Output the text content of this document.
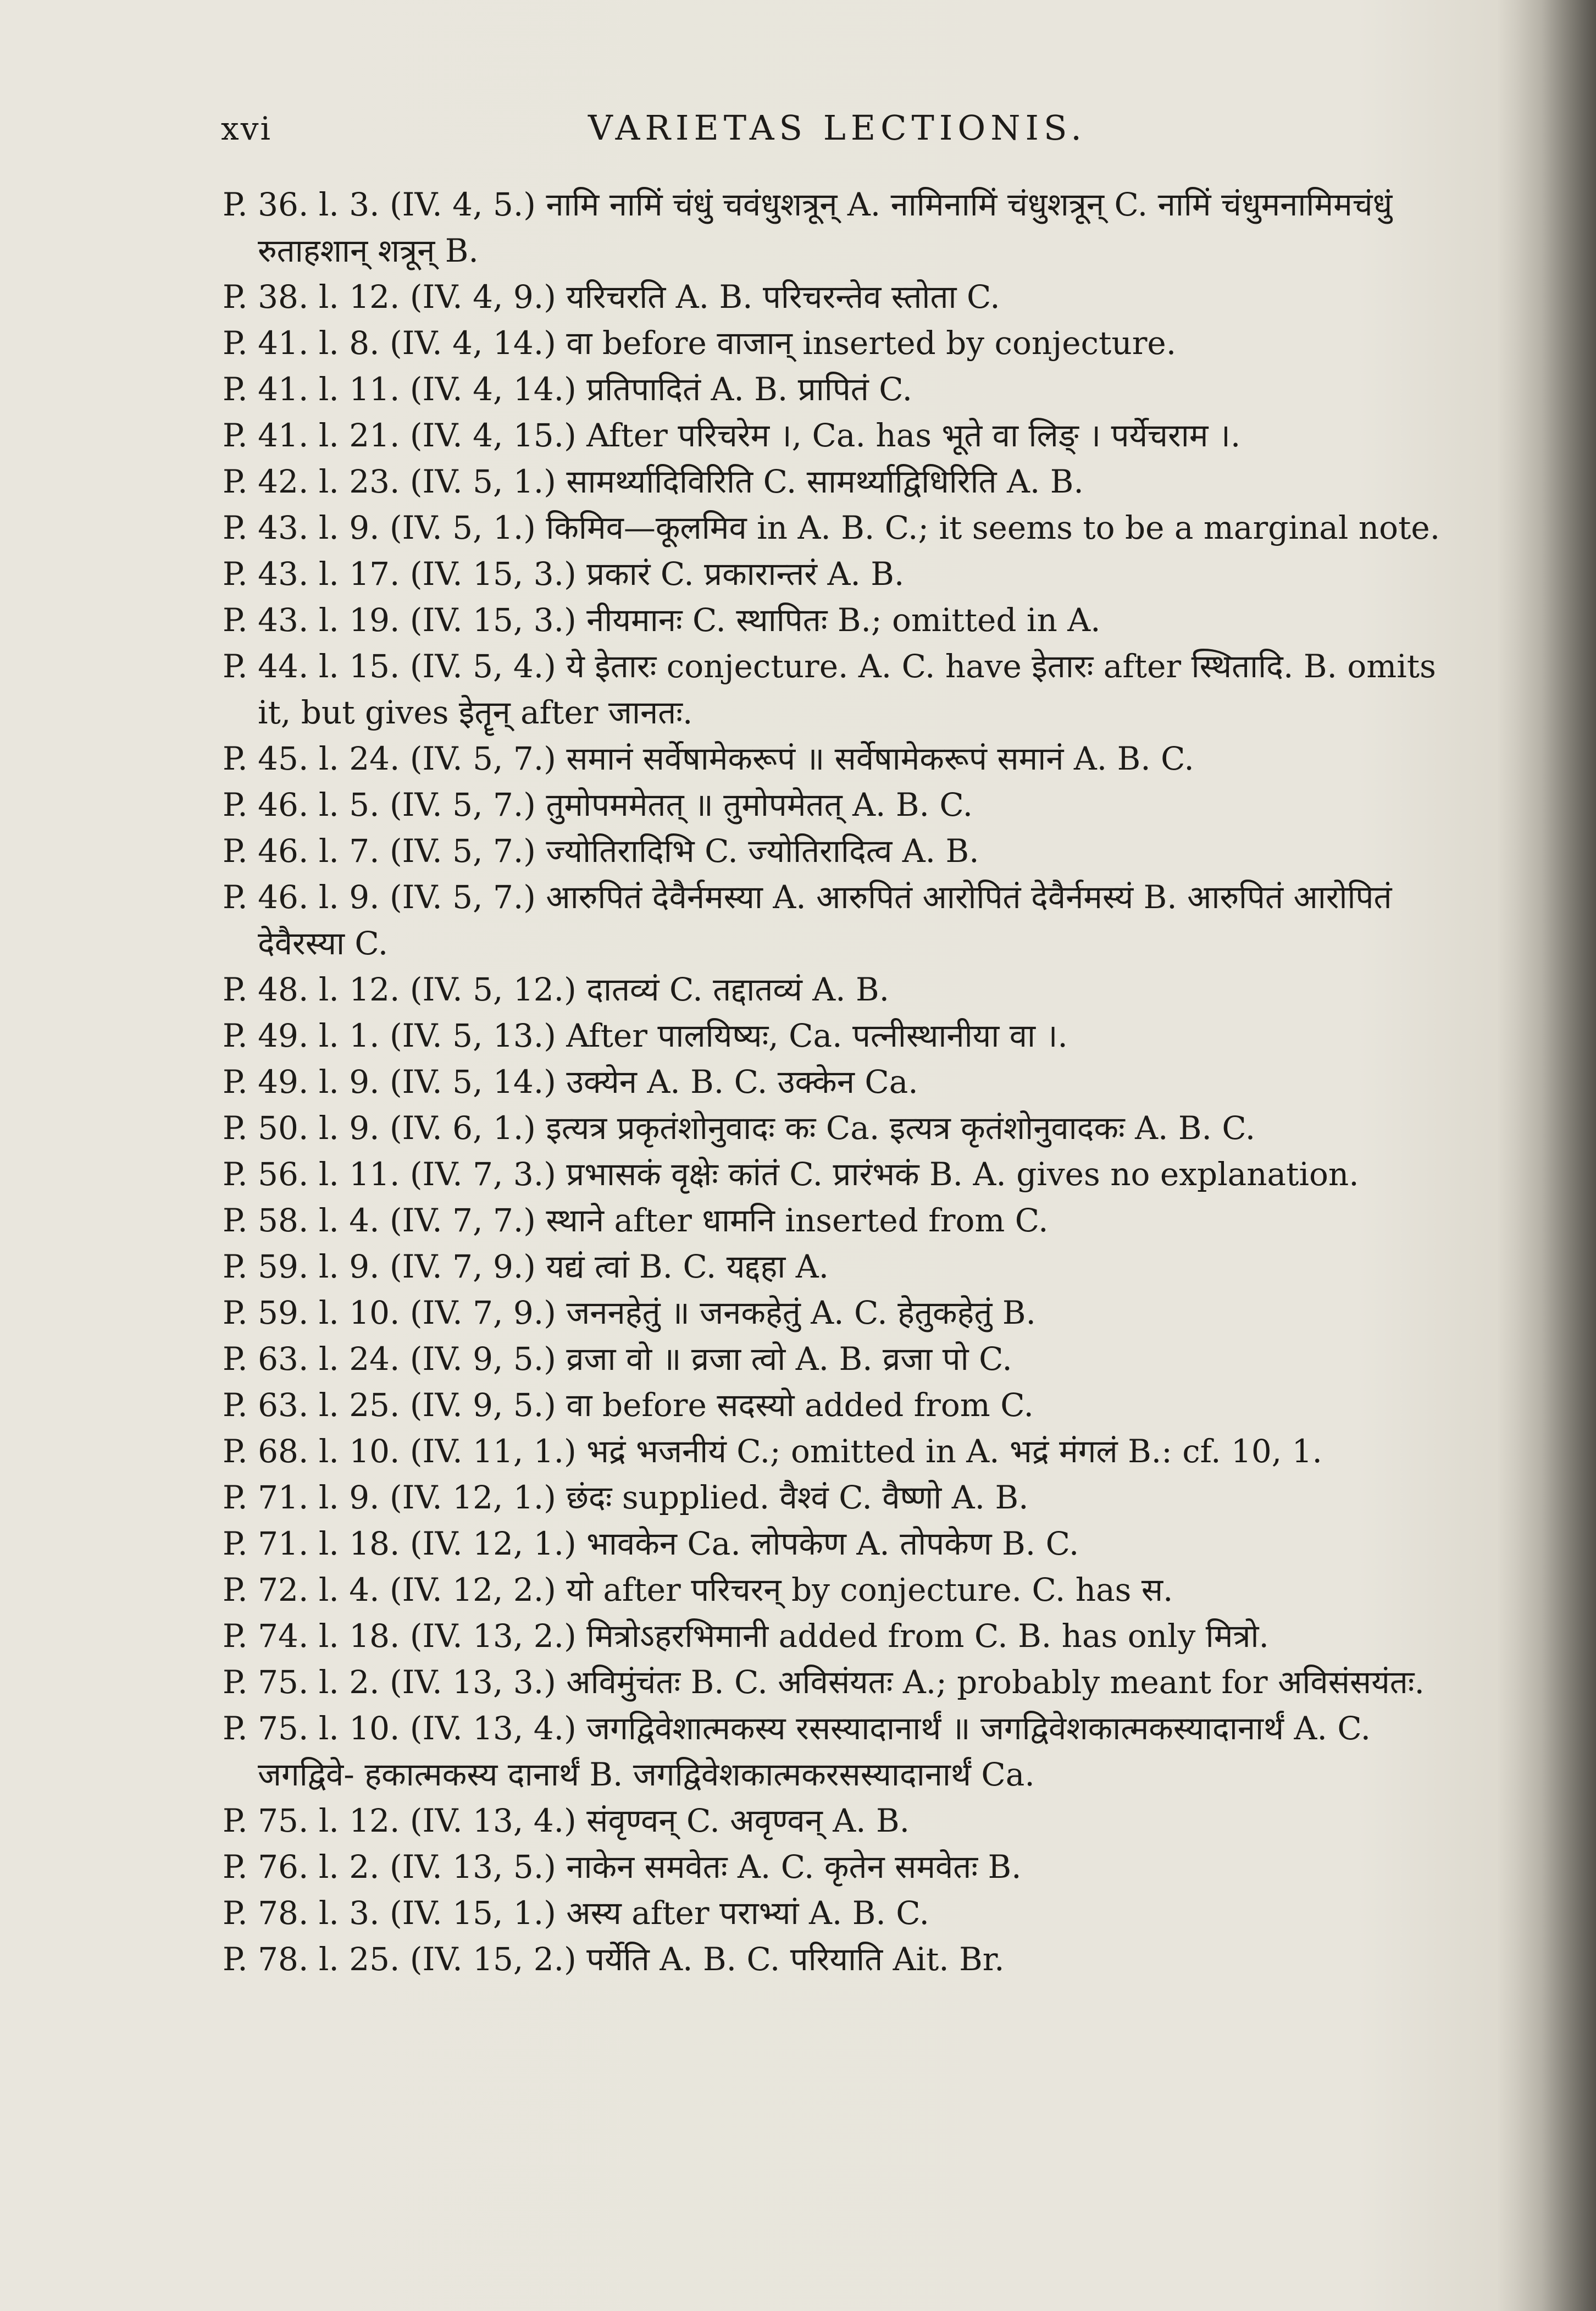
xvi	VARIETAS LECTIONIS.
P. 36. l. 3. (IV. 4, 5.) नामि नामिं चंधुं चवंधुशत्रून् A. नामिनामिं चंधुशत्रून् C. नामिं चंधुमनामिमचंधुं रुताहशान् शत्रून् B.
P. 38. l. 12. (IV. 4, 9.) यरिचरति A. B. परिचरन्तेव स्तोता C.
P. 41. l. 8. (IV. 4, 14.) वा before वाजान् inserted by conjecture.
P. 41. l. 11. (IV. 4, 14.) प्रतिपादितं A. B. प्रापितं C.
P. 41. l. 21. (IV. 4, 15.) After परिचरेम ।, Ca. has भूते वा लिङ् । पर्येचराम ।.
P. 42. l. 23. (IV. 5, 1.) सामर्थ्यादिविरिति C. सामर्थ्याद्विधिरिति A. B.
P. 43. l. 9. (IV. 5, 1.) किमिव—कूलमिव in A. B. C.; it seems to be a marginal note.
P. 43. l. 17. (IV. 15, 3.) प्रकारं C. प्रकारान्तरं A. B.
P. 43. l. 19. (IV. 15, 3.) नीयमानः C. स्थापितः B.; omitted in A.
P. 44. l. 15. (IV. 5, 4.) ये इेतारः conjecture. A. C. have इेतारः after स्थितादि. B. omits it, but gives इेतॄन् after जानतः.
P. 45. l. 24. (IV. 5, 7.) समानं सर्वेषामेकरूपं ॥ सर्वेषामेकरूपं समानं A. B. C.
P. 46. l. 5. (IV. 5, 7.) तुमोपममेतत् ॥ तुमोपमेतत् A. B. C.
P. 46. l. 7. (IV. 5, 7.) ज्योतिरादिभि C. ज्योतिरादित्व A. B.
P. 46. l. 9. (IV. 5, 7.) आरुपितं देवैर्नमस्या A. आरुपितं आरोपितं देवैर्नमस्यं B. आरुपितं आरोपितं देवैरस्या C.
P. 48. l. 12. (IV. 5, 12.) दातव्यं C. तद्दातव्यं A. B.
P. 49. l. 1. (IV. 5, 13.) After पालयिष्यः, Ca. पत्नीस्थानीया वा ।.
P. 49. l. 9. (IV. 5, 14.) उक्येन A. B. C. उक्केन Ca.
P. 50. l. 9. (IV. 6, 1.) इत्यत्र प्रकृतंशोनुवादः कः Ca. इत्यत्र कृतंशोनुवादकः A. B. C.
P. 56. l. 11. (IV. 7, 3.) प्रभासकं वृक्षेः कांतं C. प्रारंभकं B. A. gives no explanation.
P. 58. l. 4. (IV. 7, 7.) स्थाने after धामनि inserted from C.
P. 59. l. 9. (IV. 7, 9.) यद्यं त्वां B. C. यद्दहा A.
P. 59. l. 10. (IV. 7, 9.) जननहेतुं ॥ जनकहेतुं A. C. हेतुकहेतुं B.
P. 63. l. 24. (IV. 9, 5.) व्रजा वो ॥ व्रजा त्वो A. B. व्रजा पो C.
P. 63. l. 25. (IV. 9, 5.) वा before सदस्यो added from C.
P. 68. l. 10. (IV. 11, 1.) भद्रं भजनीयं C.; omitted in A. भद्रं मंगलं B.: cf. 10, 1.
P. 71. l. 9. (IV. 12, 1.) छंदः supplied. वैश्वं C. वैष्णो A. B.
P. 71. l. 18. (IV. 12, 1.) भावकेन Ca. लोपकेण A. तोपकेण B. C.
P. 72. l. 4. (IV. 12, 2.) यो after परिचरन् by conjecture. C. has स.
P. 74. l. 18. (IV. 13, 2.) मित्रोऽहरभिमानी added from C. B. has only मित्रो.
P. 75. l. 2. (IV. 13, 3.) अविमुंचंतः B. C. अविसंयतः A.; probably meant for अविसंसयंतः.
P. 75. l. 10. (IV. 13, 4.) जगद्विवेशात्मकस्य रसस्यादानार्थं ॥ जगद्विवेशकात्मकस्यादानार्थं A. C. जगद्विवे- हकात्मकस्य दानार्थं B. जगद्विवेशकात्मकरसस्यादानार्थं Ca.
P. 75. l. 12. (IV. 13, 4.) संवृण्वन् C. अवृण्वन् A. B.
P. 76. l. 2. (IV. 13, 5.) नाकेन समवेतः A. C. कृतेन समवेतः B.
P. 78. l. 3. (IV. 15, 1.) अस्य after पराभ्यां A. B. C.
P. 78. l. 25. (IV. 15, 2.) पर्येति A. B. C. परियाति Ait. Br.
